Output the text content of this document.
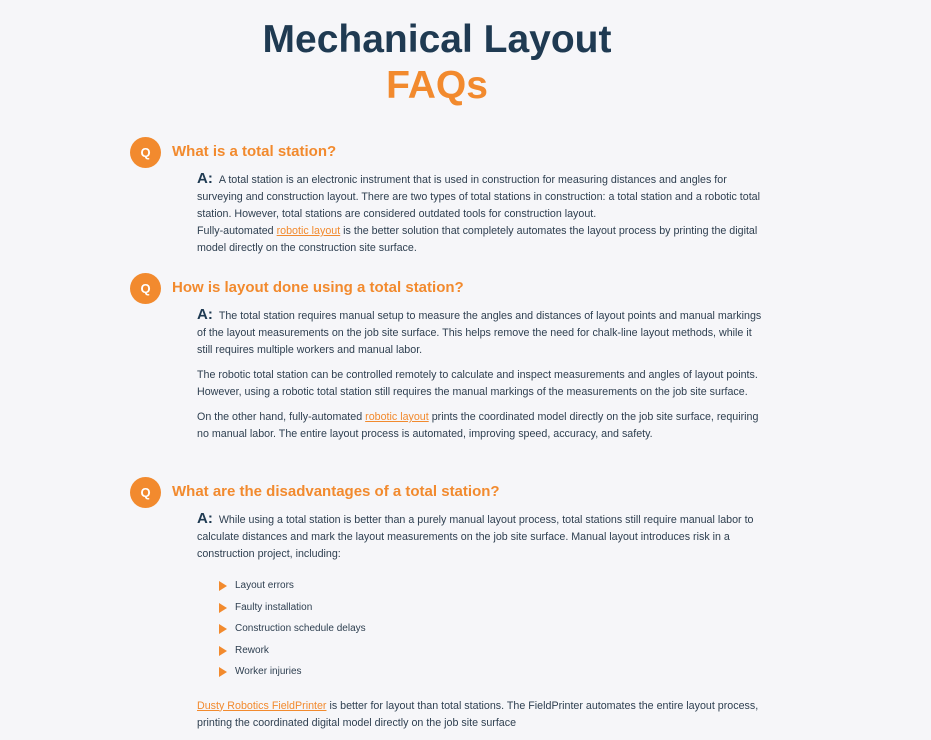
Mechanical Layout
FAQs
Q	What is a total station?

A: A total station is an electronic instrument that is used in construction for measuring distances and angles for surveying and construction layout. There are two types of total stations in construction: a total station and a robotic total station. However, total stations are considered outdated tools for construction layout.
Fully-automated robotic layout is the better solution that completely automates the layout process by printing the digital model directly on the construction site surface.

Q	How is layout done using a total station?

A: The total station requires manual setup to measure the angles and distances of layout points and manual markings of the layout measurements on the job site surface. This helps remove the need for chalk-line layout methods, while it still requires multiple workers and manual labor.

The robotic total station can be controlled remotely to calculate and inspect measurements and angles of layout points. However, using a robotic total station still requires the manual markings of the measurements on the job site surface.

On the other hand, fully-automated robotic layout prints the coordinated model directly on the job site surface, requiring no manual labor. The entire layout process is automated, improving speed, accuracy, and safety.

Q	What are the disadvantages of a total station?

A: While using a total station is better than a purely manual layout process, total stations still require manual labor to calculate distances and mark the layout measurements on the job site surface. Manual layout introduces risk in a construction project, including:

Layout errors
Faulty installation
Construction schedule delays
Rework
Worker injuries

Dusty Robotics FieldPrinter is better for layout than total stations. The FieldPrinter automates the entire layout process, printing the coordinated digital model directly on the job site surface
